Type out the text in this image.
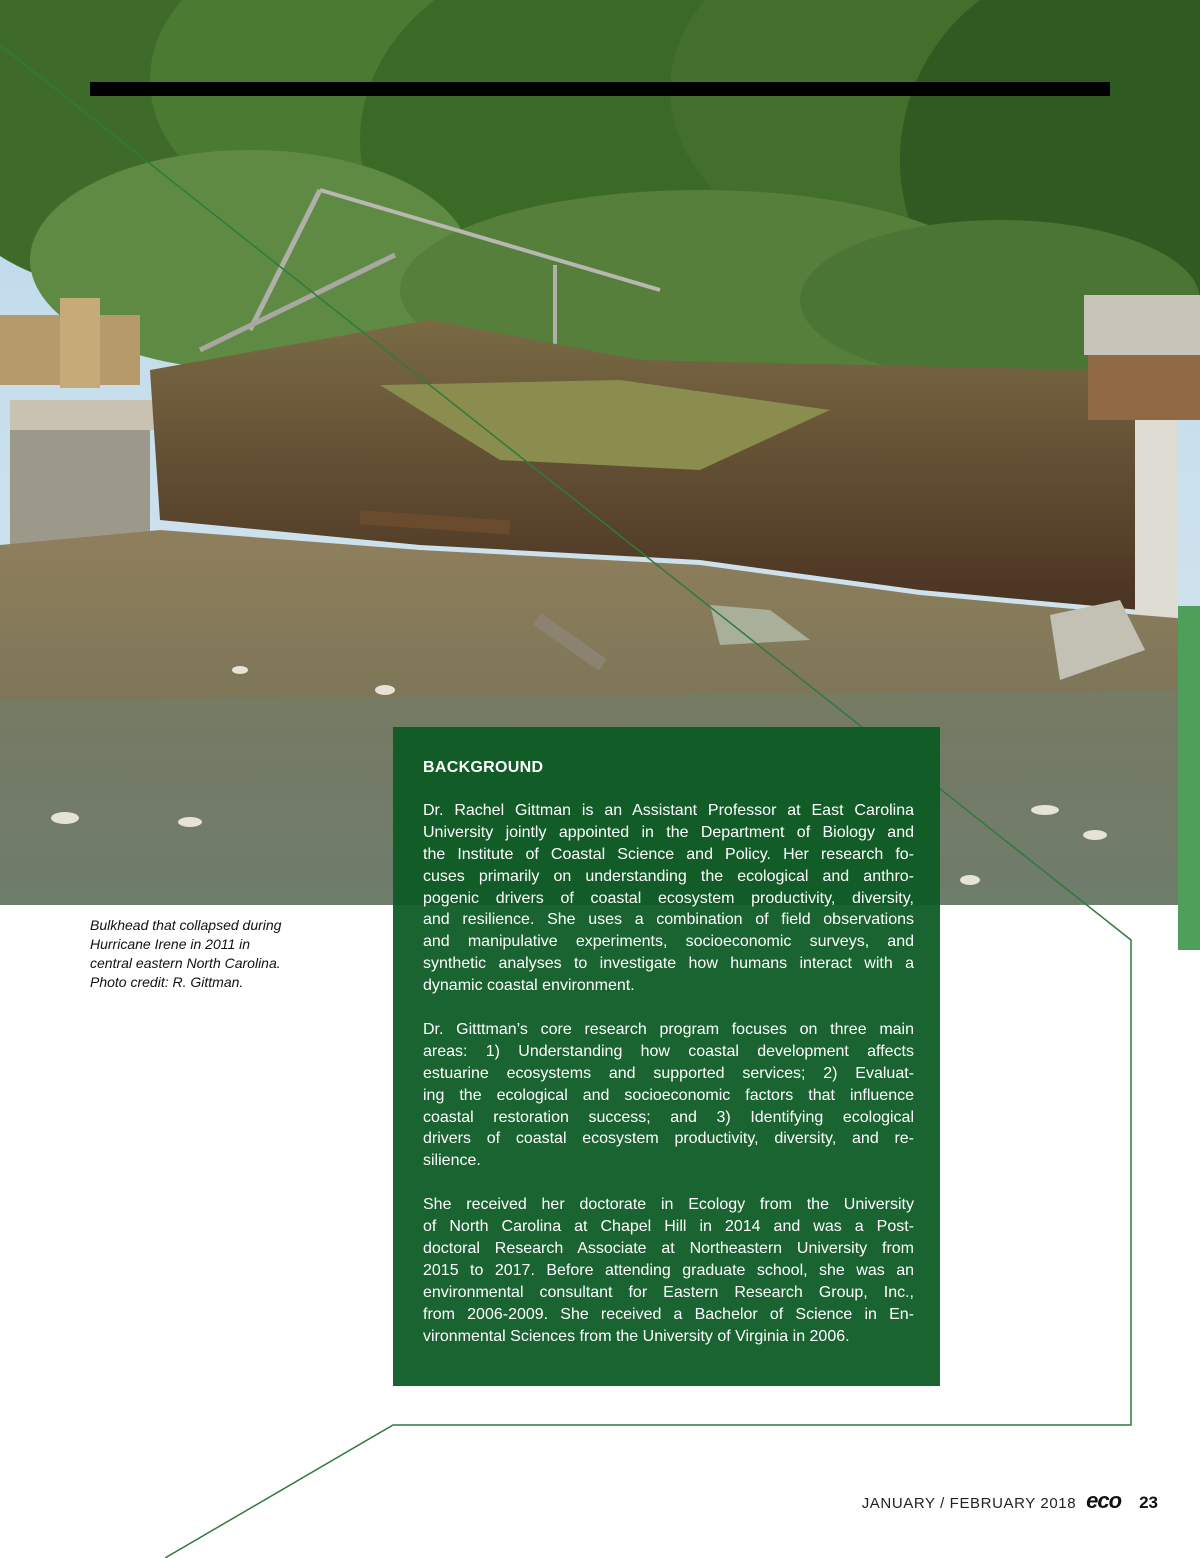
Bulkhead that collapsed during
Hurricane Irene in 2011 in
central eastern North Carolina.
Photo credit: R. Gittman.
BACKGROUND

Dr. Rachel Gittman is an Assistant Professor at East Carolina
University jointly appointed in the Department of Biology and
the Institute of Coastal Science and Policy. Her research fo-
cuses primarily on understanding the ecological and anthro-
pogenic drivers of coastal ecosystem productivity, diversity,
and resilience. She uses a combination of field observations
and manipulative experiments, socioeconomic surveys, and
synthetic analyses to investigate how humans interact with a
dynamic coastal environment.

Dr. Gitttman’s core research program focuses on three main
areas: 1) Understanding how coastal development affects
estuarine ecosystems and supported services; 2) Evaluat-
ing the ecological and socioeconomic factors that influence
coastal restoration success; and 3) Identifying ecological
drivers of coastal ecosystem productivity, diversity, and re-
silience.

She received her doctorate in Ecology from the University
of North Carolina at Chapel Hill in 2014 and was a Post-
doctoral Research Associate at Northeastern University from
2015 to 2017. Before attending graduate school, she was an
environmental consultant for Eastern Research Group, Inc.,
from 2006-2009. She received a Bachelor of Science in En-
vironmental Sciences from the University of Virginia in 2006.

JANUARY / FEBRUARY 2018 eco 23
